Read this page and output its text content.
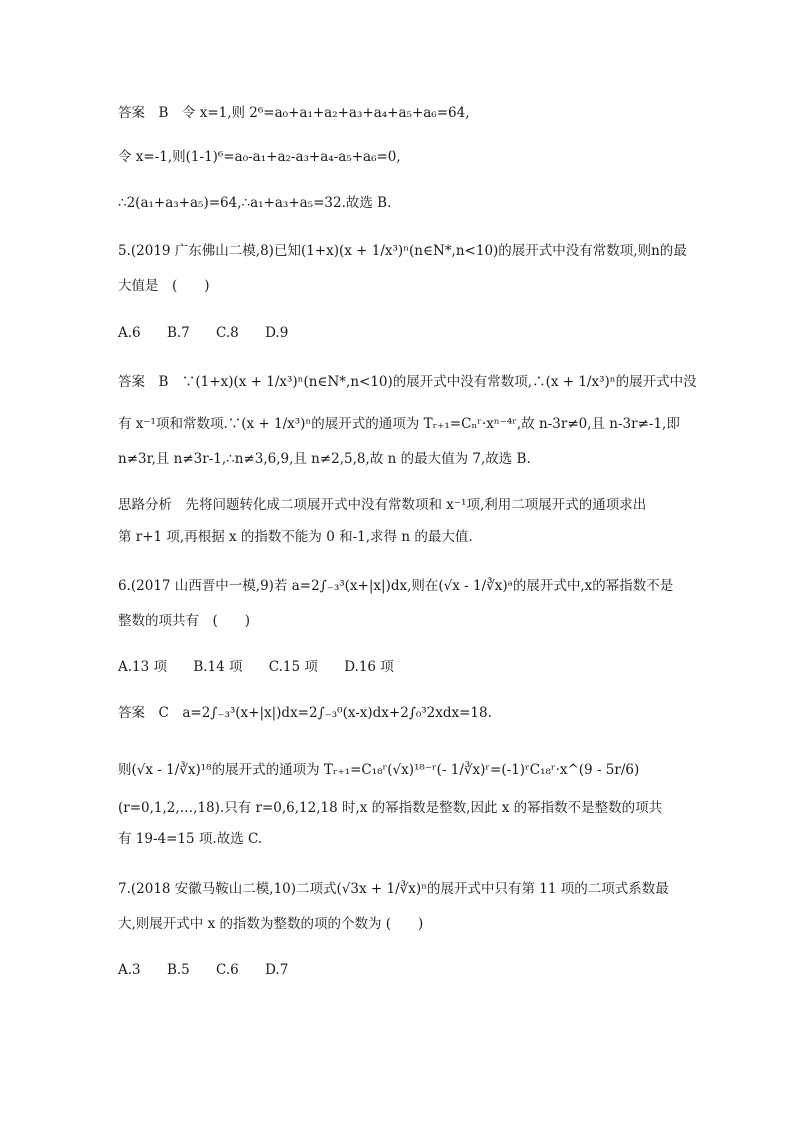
答案　B　令 x=1,则 2⁶=a₀+a₁+a₂+a₃+a₄+a₅+a₆=64,
令 x=-1,则(1-1)⁶=a₀-a₁+a₂-a₃+a₄-a₅+a₆=0,
∴2(a₁+a₃+a₅)=64,∴a₁+a₃+a₅=32.故选 B.
5.(2019 广东佛山二模,8)已知(1+x)(x + 1/x³)ⁿ(n∈N*,n<10)的展开式中没有常数项,则n的最
大值是　(　　)
A.6 B.7 C.8 D.9
答案　B　∵(1+x)(x + 1/x³)ⁿ(n∈N*,n<10)的展开式中没有常数项,∴(x + 1/x³)ⁿ的展开式中没
有 x⁻¹项和常数项.∵(x + 1/x³)ⁿ的展开式的通项为 Tᵣ₊₁=Cₙʳ·xⁿ⁻⁴ʳ,故 n-3r≠0,且 n-3r≠-1,即
n≠3r,且 n≠3r-1,∴n≠3,6,9,且 n≠2,5,8,故 n 的最大值为 7,故选 B.
思路分析　先将问题转化成二项展开式中没有常数项和 x⁻¹项,利用二项展开式的通项求出
第 r+1 项,再根据 x 的指数不能为 0 和-1,求得 n 的最大值.
6.(2017 山西晋中一模,9)若 a=2∫₋₃³(x+|x|)dx,则在(√x - 1/∛x)ᵃ的展开式中,x的幂指数不是
整数的项共有　(　　)
A.13 项 B.14 项 C.15 项 D.16 项
答案　C　a=2∫₋₃³(x+|x|)dx=2∫₋₃⁰(x-x)dx+2∫₀³2xdx=18.
则(√x - 1/∛x)¹⁸的展开式的通项为 Tᵣ₊₁=C₁₈ʳ(√x)¹⁸⁻ʳ(- 1/∛x)ʳ=(-1)ʳC₁₈ʳ·x^(9 - 5r/6)
(r=0,1,2,…,18).只有 r=0,6,12,18 时,x 的幂指数是整数,因此 x 的幂指数不是整数的项共
有 19-4=15 项.故选 C.
7.(2018 安徽马鞍山二模,10)二项式(√3x + 1/∛x)ⁿ的展开式中只有第 11 项的二项式系数最
大,则展开式中 x 的指数为整数的项的个数为 (　　)
A.3 B.5 C.6 D.7
